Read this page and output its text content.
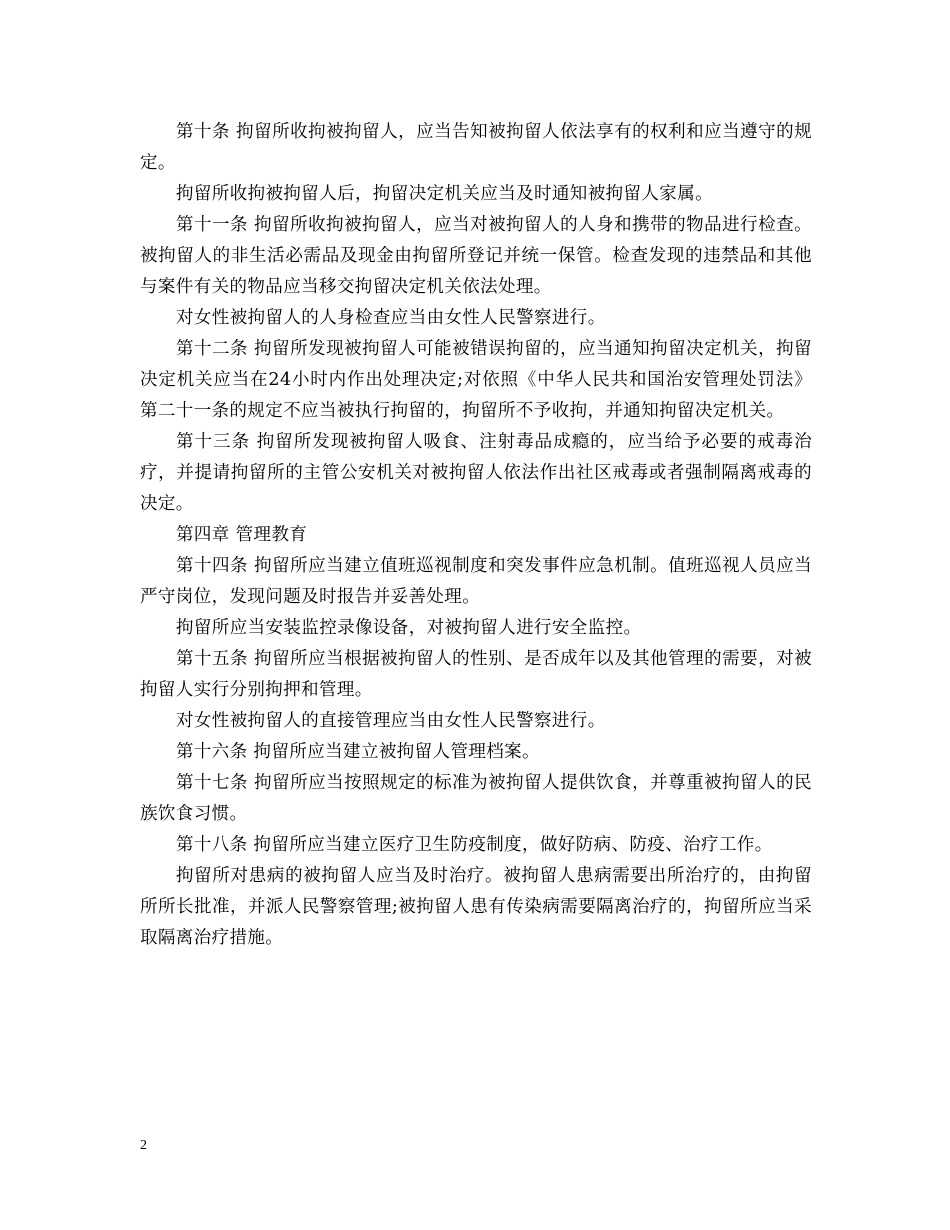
第十条 拘留所收拘被拘留人，应当告知被拘留人依法享有的权利和应当遵守的规定。

拘留所收拘被拘留人后，拘留决定机关应当及时通知被拘留人家属。

第十一条 拘留所收拘被拘留人，应当对被拘留人的人身和携带的物品进行检查。被拘留人的非生活必需品及现金由拘留所登记并统一保管。检查发现的违禁品和其他与案件有关的物品应当移交拘留决定机关依法处理。

对女性被拘留人的人身检查应当由女性人民警察进行。

第十二条 拘留所发现被拘留人可能被错误拘留的，应当通知拘留决定机关，拘留决定机关应当在24小时内作出处理决定;对依照《中华人民共和国治安管理处罚法》第二十一条的规定不应当被执行拘留的，拘留所不予收拘，并通知拘留决定机关。

第十三条 拘留所发现被拘留人吸食、注射毒品成瘾的，应当给予必要的戒毒治疗，并提请拘留所的主管公安机关对被拘留人依法作出社区戒毒或者强制隔离戒毒的决定。

第四章 管理教育

第十四条 拘留所应当建立值班巡视制度和突发事件应急机制。值班巡视人员应当严守岗位，发现问题及时报告并妥善处理。

拘留所应当安装监控录像设备，对被拘留人进行安全监控。

第十五条 拘留所应当根据被拘留人的性别、是否成年以及其他管理的需要，对被拘留人实行分别拘押和管理。

对女性被拘留人的直接管理应当由女性人民警察进行。

第十六条 拘留所应当建立被拘留人管理档案。

第十七条 拘留所应当按照规定的标准为被拘留人提供饮食，并尊重被拘留人的民族饮食习惯。

第十八条 拘留所应当建立医疗卫生防疫制度，做好防病、防疫、治疗工作。

拘留所对患病的被拘留人应当及时治疗。被拘留人患病需要出所治疗的，由拘留所所长批准，并派人民警察管理;被拘留人患有传染病需要隔离治疗的，拘留所应当采取隔离治疗措施。

2
